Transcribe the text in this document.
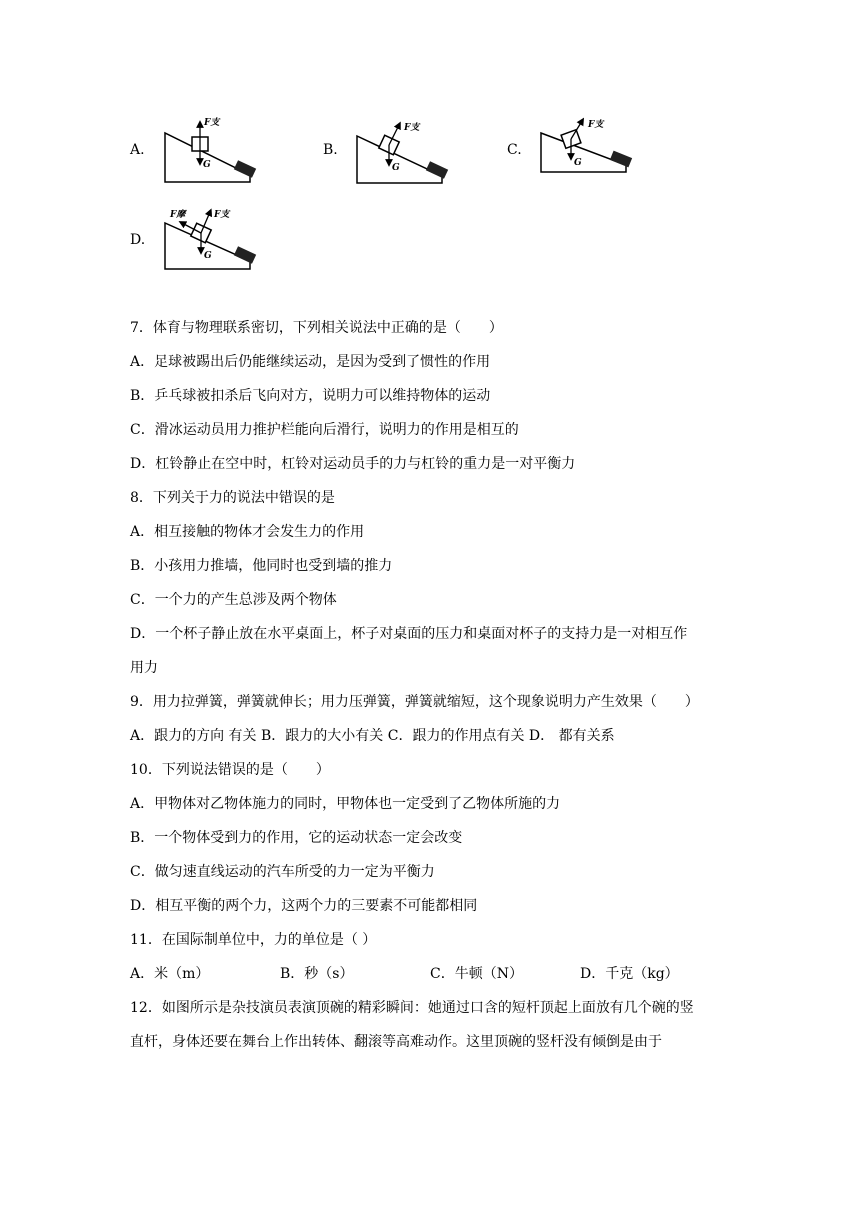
A.
F支
G
B.
F支
G
C.
F支
G
D.
F摩	F支
G
7．体育与物理联系密切，下列相关说法中正确的是（　　）
A．足球被踢出后仍能继续运动，是因为受到了惯性的作用
B．乒乓球被扣杀后飞向对方，说明力可以维持物体的运动
C．滑冰运动员用力推护栏能向后滑行，说明力的作用是相互的
D．杠铃静止在空中时，杠铃对运动员手的力与杠铃的重力是一对平衡力
8．下列关于力的说法中错误的是
A．相互接触的物体才会发生力的作用
B．小孩用力推墙，他同时也受到墙的推力
C．一个力的产生总涉及两个物体
D．一个杯子静止放在水平桌面上，杯子对桌面的压力和桌面对杯子的支持力是一对相互作
用力
9．用力拉弹簧，弹簧就伸长；用力压弹簧，弹簧就缩短，这个现象说明力产生效果（　　）
A．跟力的方向 有关 B．跟力的大小有关 C．跟力的作用点有关 D． 都有关系
10．下列说法错误的是（　　）
A．甲物体对乙物体施力的同时，甲物体也一定受到了乙物体所施的力
B．一个物体受到力的作用，它的运动状态一定会改变
C．做匀速直线运动的汽车所受的力一定为平衡力
D．相互平衡的两个力，这两个力的三要素不可能都相同
11．在国际制单位中，力的单位是（ ）
A．米（m）	B．秒（s）	C．牛顿（N）	D．千克（kg）
12．如图所示是杂技演员表演顶碗的精彩瞬间：她通过口含的短杆顶起上面放有几个碗的竖
直杆，身体还要在舞台上作出转体、翻滚等高难动作。这里顶碗的竖杆没有倾倒是由于
